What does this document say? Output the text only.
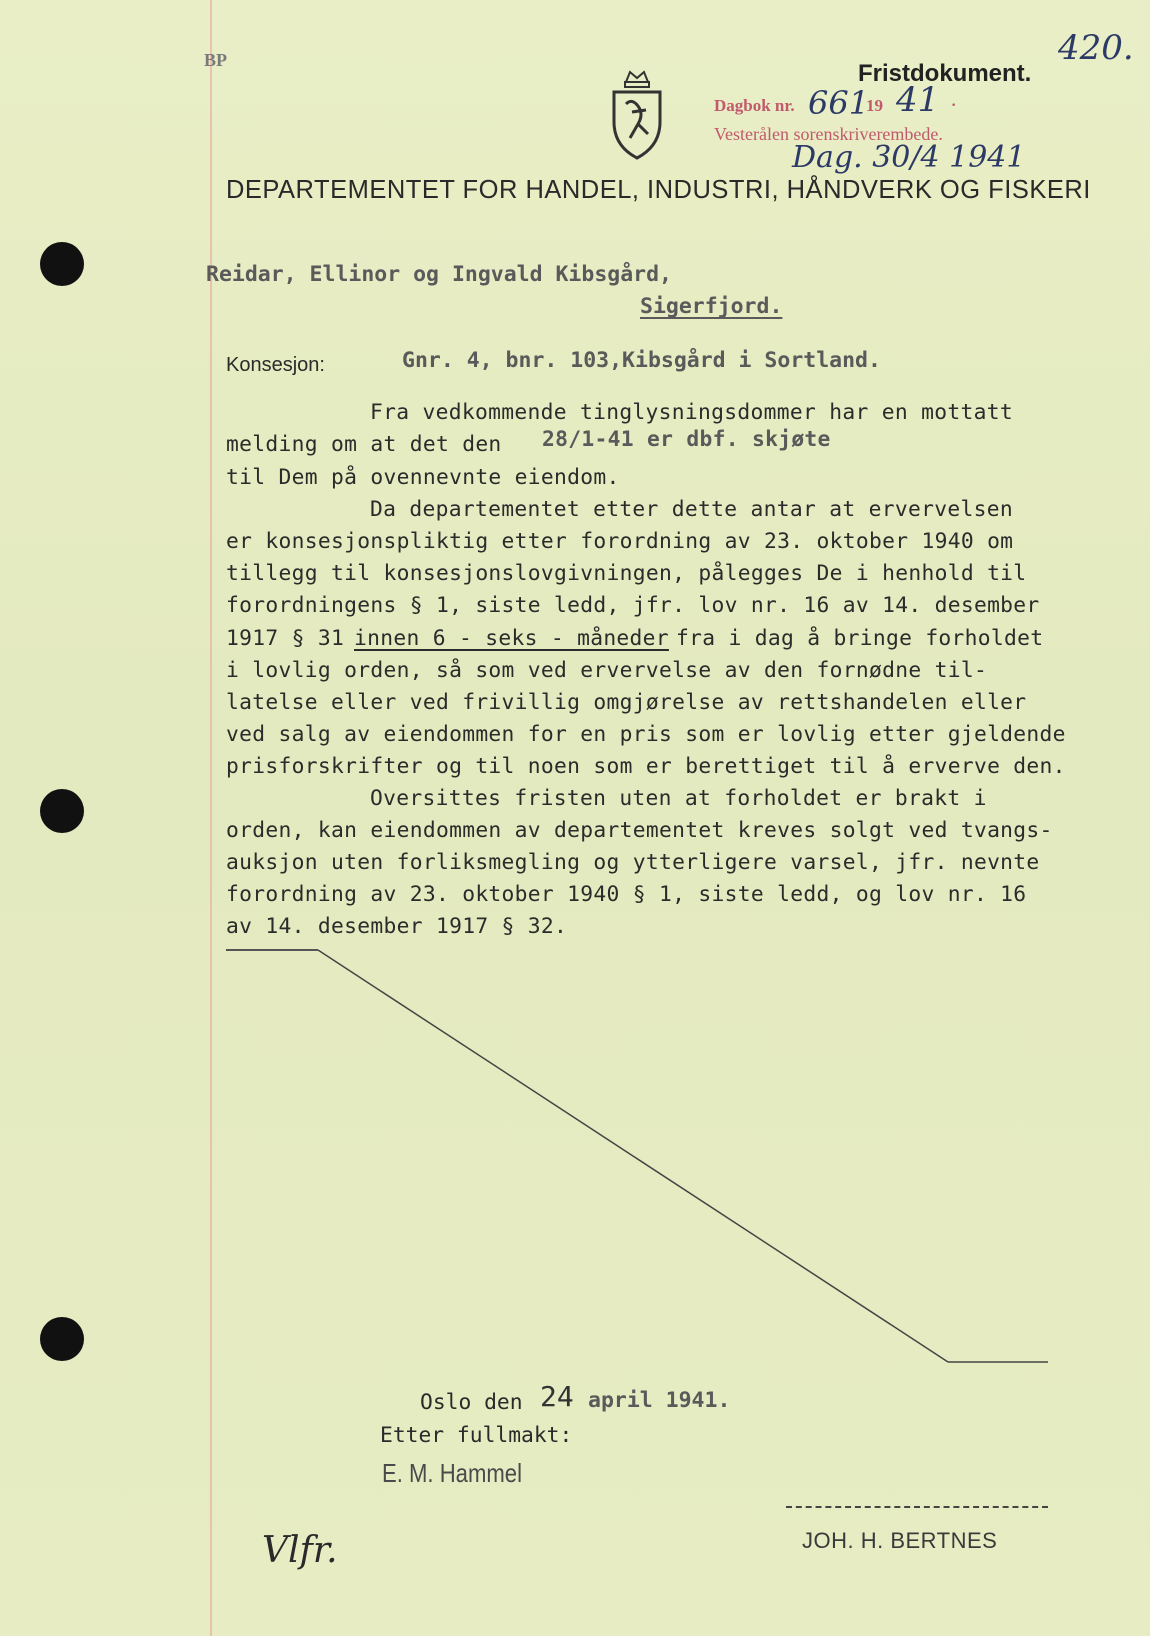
420.
BP	Fristdokument.
Dagbok nr. 661
19 41 ·
Vesterålen sorenskriverembede.
Dag. 30/4 1941
DEPARTEMENTET FOR HANDEL, INDUSTRI, HÅNDVERK OG FISKERI
Reidar, Ellinor og Ingvald Kibsgård,
Sigerfjord.
Konsesjon:	Gnr. 4, bnr. 103,Kibsgård i Sortland.
Fra vedkommende tinglysningsdommer har en mottatt
melding om at det den 28/1-41 er dbf. skjøte
til Dem på ovennevnte eiendom.
Da departementet etter dette antar at ervervelsen
er konsesjonspliktig etter forordning av 23. oktober 1940 om
tillegg til konsesjonslovgivningen, pålegges De i henhold til
forordningens § 1, siste ledd, jfr. lov nr. 16 av 14. desember
1917 § 31 innen 6 - seks - måneder fra i dag å bringe forholdet
i lovlig orden, så som ved ervervelse av den fornødne til-
latelse eller ved frivillig omgjørelse av rettshandelen eller
ved salg av eiendommen for en pris som er lovlig etter gjeldende
prisforskrifter og til noen som er berettiget til å erverve den.
Oversittes fristen uten at forholdet er brakt i
orden, kan eiendommen av departementet kreves solgt ved tvangs-
auksjon uten forliksmegling og ytterligere varsel, jfr. nevnte
forordning av 23. oktober 1940 § 1, siste ledd, og lov nr. 16
av 14. desember 1917 § 32.
Oslo den 24 april 1941.
Etter fullmakt:
E. M. Hammel
Vlfr.	JOH. H. BERTNES
